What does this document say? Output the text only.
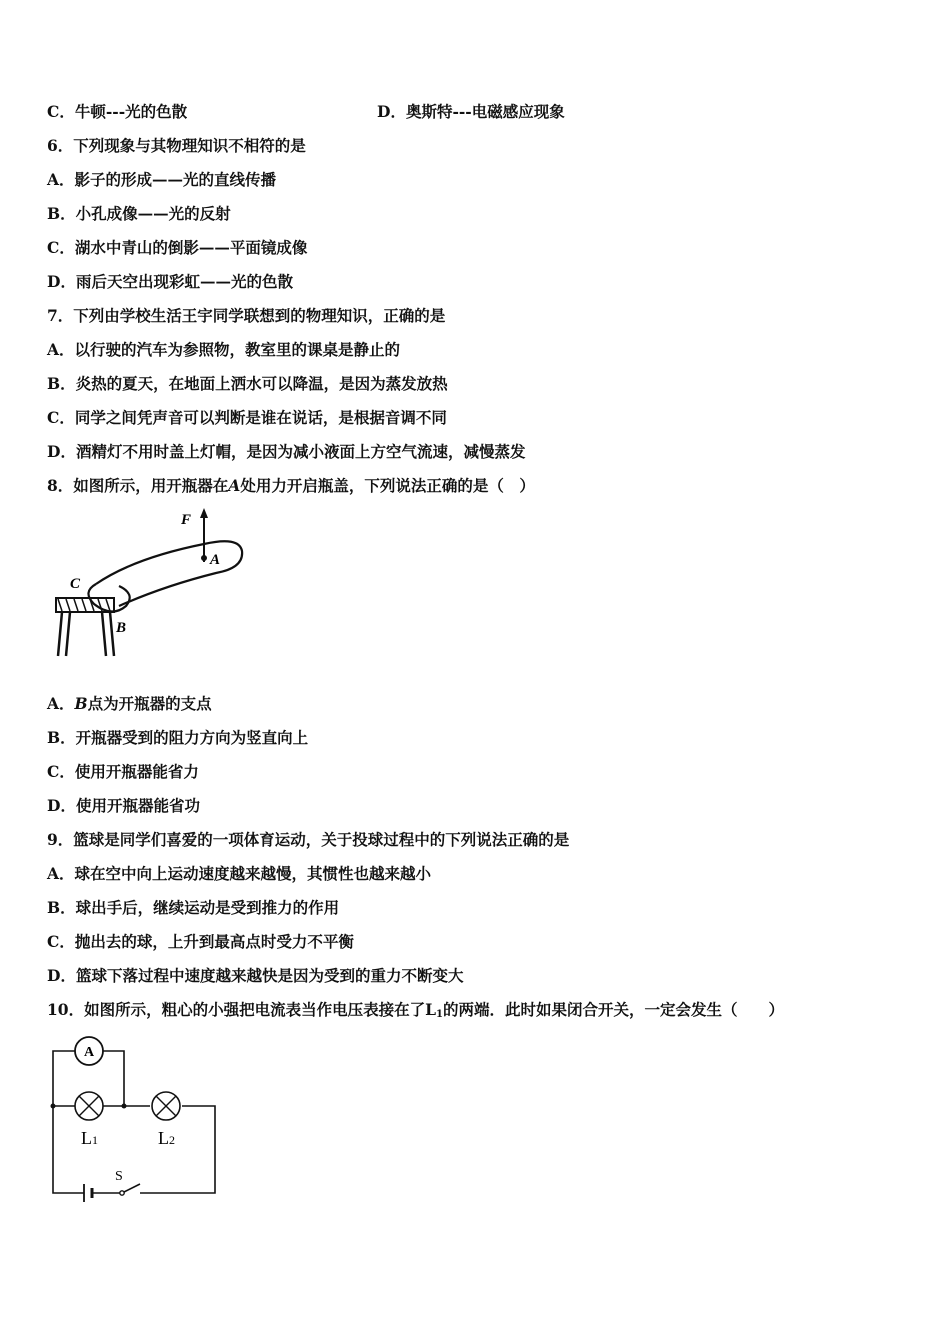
C．牛顿---光的色散	D．奥斯特---电磁感应现象
6．下列现象与其物理知识不相符的是
A．影子的形成——光的直线传播
B．小孔成像——光的反射
C．湖水中青山的倒影——平面镜成像
D．雨后天空出现彩虹——光的色散
7．下列由学校生活王宇同学联想到的物理知识，正确的是
A．以行驶的汽车为参照物，教室里的课桌是静止的
B．炎热的夏天，在地面上洒水可以降温，是因为蒸发放热
C．同学之间凭声音可以判断是谁在说话，是根据音调不同
D．酒精灯不用时盖上灯帽，是因为减小液面上方空气流速，减慢蒸发
8．如图所示，用开瓶器在A处用力开启瓶盖，下列说法正确的是（　）
F
A
C
B
A．B点为开瓶器的支点
B．开瓶器受到的阻力方向为竖直向上
C．使用开瓶器能省力
D．使用开瓶器能省功
9．篮球是同学们喜爱的一项体育运动，关于投球过程中的下列说法正确的是
A．球在空中向上运动速度越来越慢，其惯性也越来越小
B．球出手后，继续运动是受到推力的作用
C．抛出去的球，上升到最高点时受力不平衡
D．篮球下落过程中速度越来越快是因为受到的重力不断变大
10．如图所示，粗心的小强把电流表当作电压表接在了L1的两端．此时如果闭合开关，一定会发生（　　）
A
L1	L2
S
